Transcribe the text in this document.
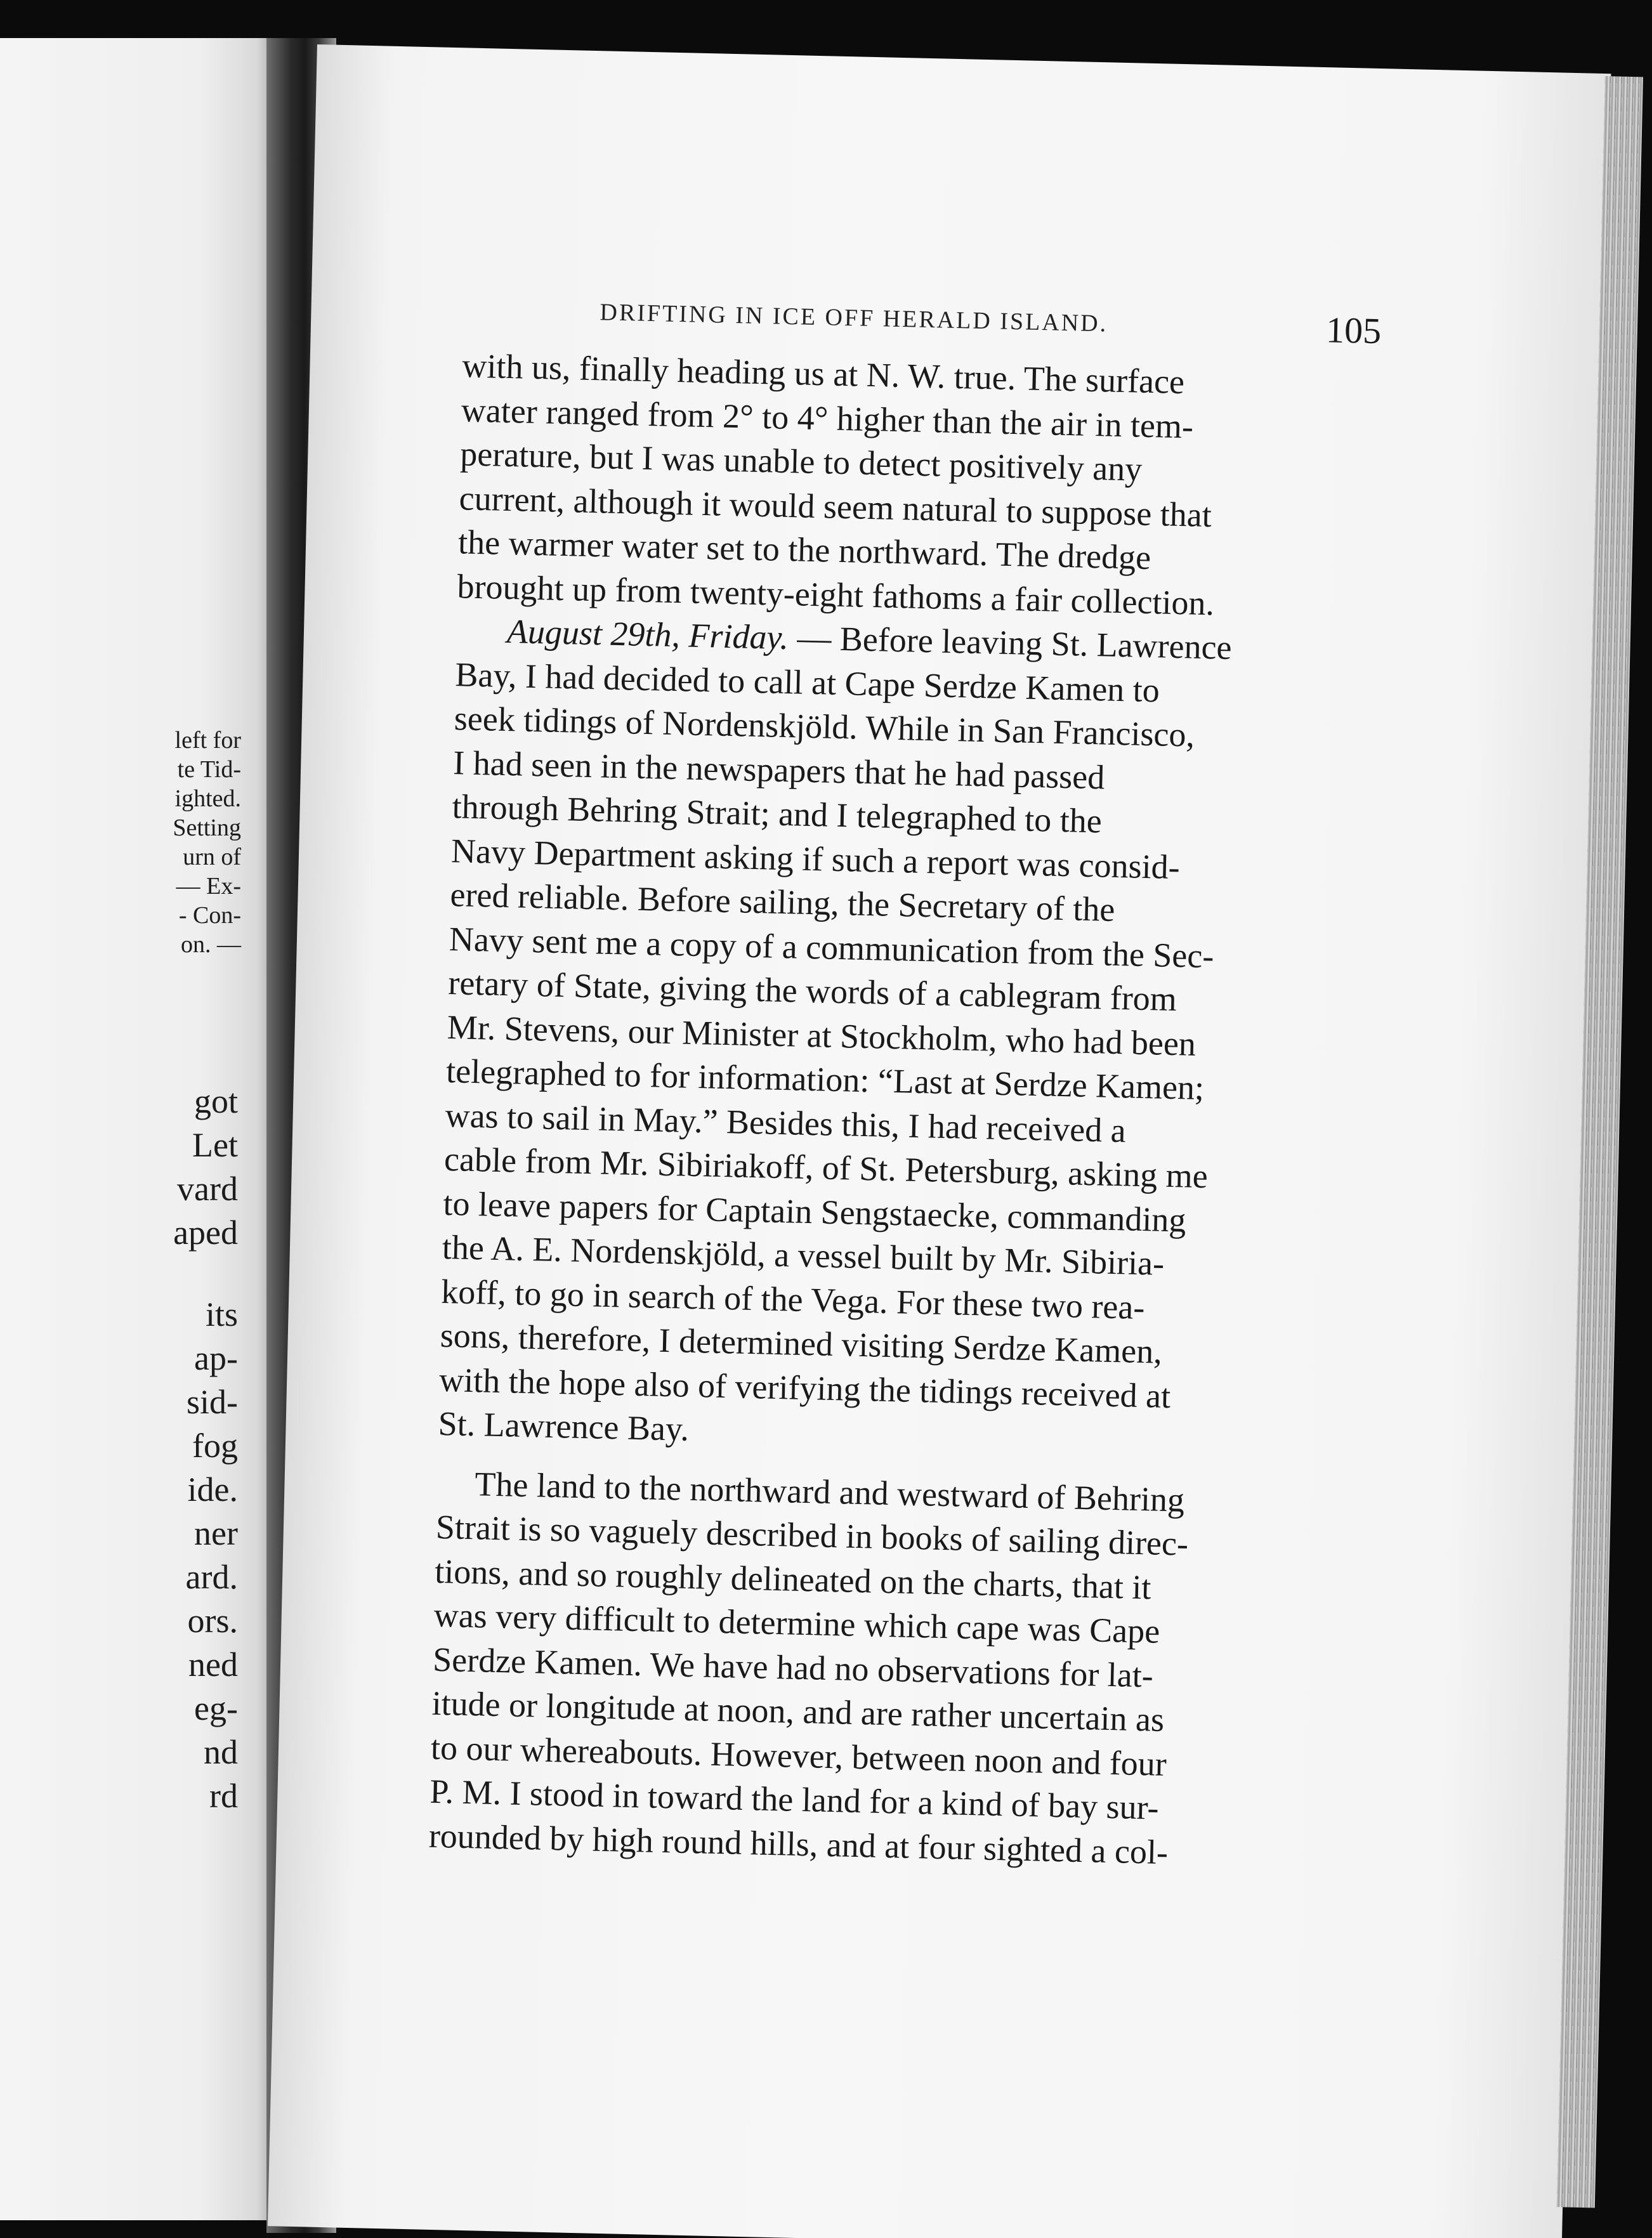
left for
te Tid-
ighted.
Setting
urn of
— Ex-
- Con-
on. —
got
Let
vard
aped
its
ap-
sid-
fog
ide.
ner
ard.
ors.
ned
eg-
nd
rd
DRIFTING IN ICE OFF HERALD ISLAND.	105
with us, finally heading us at N. W. true. The surface
water ranged from 2° to 4° higher than the air in tem-
perature, but I was unable to detect positively any
current, although it would seem natural to suppose that
the warmer water set to the northward. The dredge
brought up from twenty-eight fathoms a fair collection.
August 29th, Friday. — Before leaving St. Lawrence
Bay, I had decided to call at Cape Serdze Kamen to
seek tidings of Nordenskjöld. While in San Francisco,
I had seen in the newspapers that he had passed
through Behring Strait; and I telegraphed to the
Navy Department asking if such a report was consid-
ered reliable. Before sailing, the Secretary of the
Navy sent me a copy of a communication from the Sec-
retary of State, giving the words of a cablegram from
Mr. Stevens, our Minister at Stockholm, who had been
telegraphed to for information: “Last at Serdze Kamen;
was to sail in May.” Besides this, I had received a
cable from Mr. Sibiriakoff, of St. Petersburg, asking me
to leave papers for Captain Sengstaecke, commanding
the A. E. Nordenskjöld, a vessel built by Mr. Sibiria-
koff, to go in search of the Vega. For these two rea-
sons, therefore, I determined visiting Serdze Kamen,
with the hope also of verifying the tidings received at
St. Lawrence Bay.
The land to the northward and westward of Behring
Strait is so vaguely described in books of sailing direc-
tions, and so roughly delineated on the charts, that it
was very difficult to determine which cape was Cape
Serdze Kamen. We have had no observations for lat-
itude or longitude at noon, and are rather uncertain as
to our whereabouts. However, between noon and four
P. M. I stood in toward the land for a kind of bay sur-
rounded by high round hills, and at four sighted a col-
